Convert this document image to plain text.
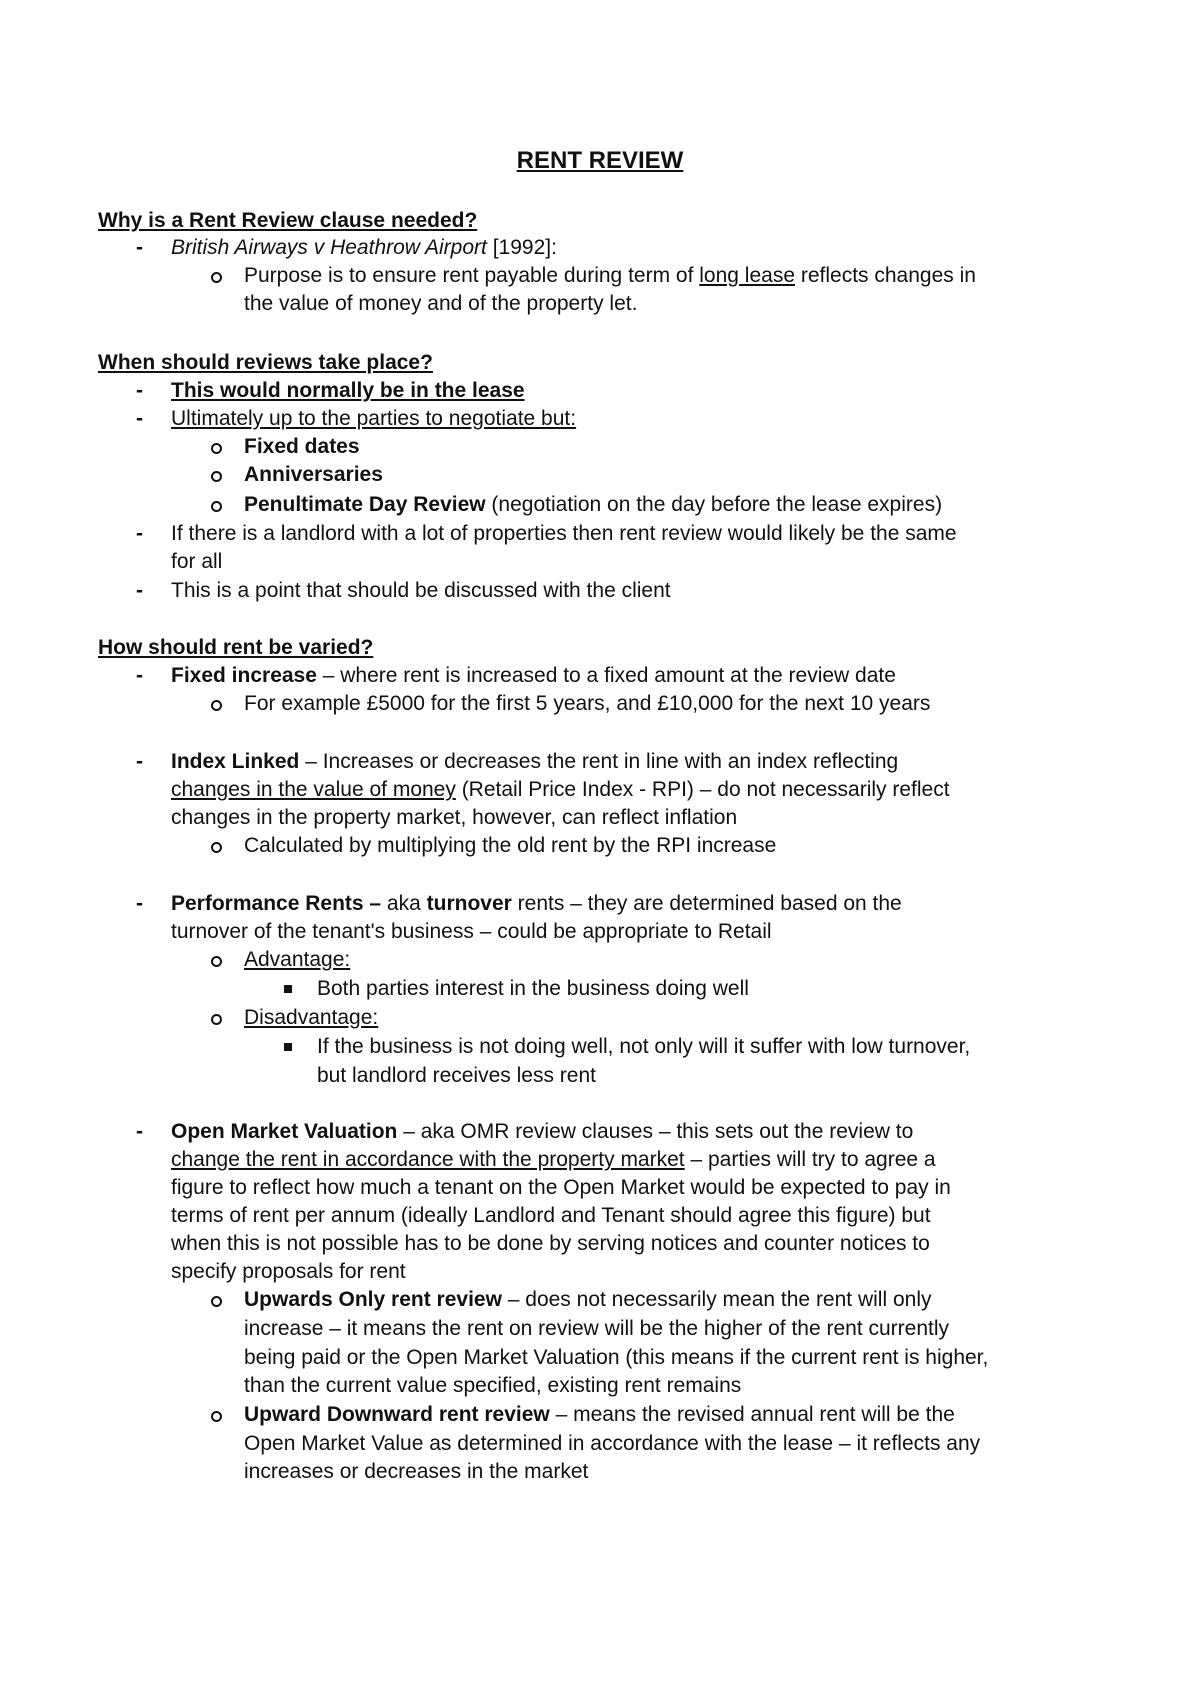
RENT REVIEW
Why is a Rent Review clause needed?
- British Airways v Heathrow Airport [1992]:
Purpose is to ensure rent payable during term of long lease reflects changes in
the value of money and of the property let.
When should reviews take place?
- This would normally be in the lease
- Ultimately up to the parties to negotiate but:
Fixed dates
Anniversaries
Penultimate Day Review (negotiation on the day before the lease expires)
- If there is a landlord with a lot of properties then rent review would likely be the same
for all
- This is a point that should be discussed with the client
How should rent be varied?
- Fixed increase – where rent is increased to a fixed amount at the review date
For example £5000 for the first 5 years, and £10,000 for the next 10 years
- Index Linked – Increases or decreases the rent in line with an index reflecting
changes in the value of money (Retail Price Index - RPI) – do not necessarily reflect
changes in the property market, however, can reflect inflation
Calculated by multiplying the old rent by the RPI increase
- Performance Rents – aka turnover rents – they are determined based on the
turnover of the tenant's business – could be appropriate to Retail
Advantage:
Both parties interest in the business doing well
Disadvantage:
If the business is not doing well, not only will it suffer with low turnover,
but landlord receives less rent
- Open Market Valuation – aka OMR review clauses – this sets out the review to
change the rent in accordance with the property market – parties will try to agree a
figure to reflect how much a tenant on the Open Market would be expected to pay in
terms of rent per annum (ideally Landlord and Tenant should agree this figure) but
when this is not possible has to be done by serving notices and counter notices to
specify proposals for rent
Upwards Only rent review – does not necessarily mean the rent will only
increase – it means the rent on review will be the higher of the rent currently
being paid or the Open Market Valuation (this means if the current rent is higher,
than the current value specified, existing rent remains
Upward Downward rent review – means the revised annual rent will be the
Open Market Value as determined in accordance with the lease – it reflects any
increases or decreases in the market
